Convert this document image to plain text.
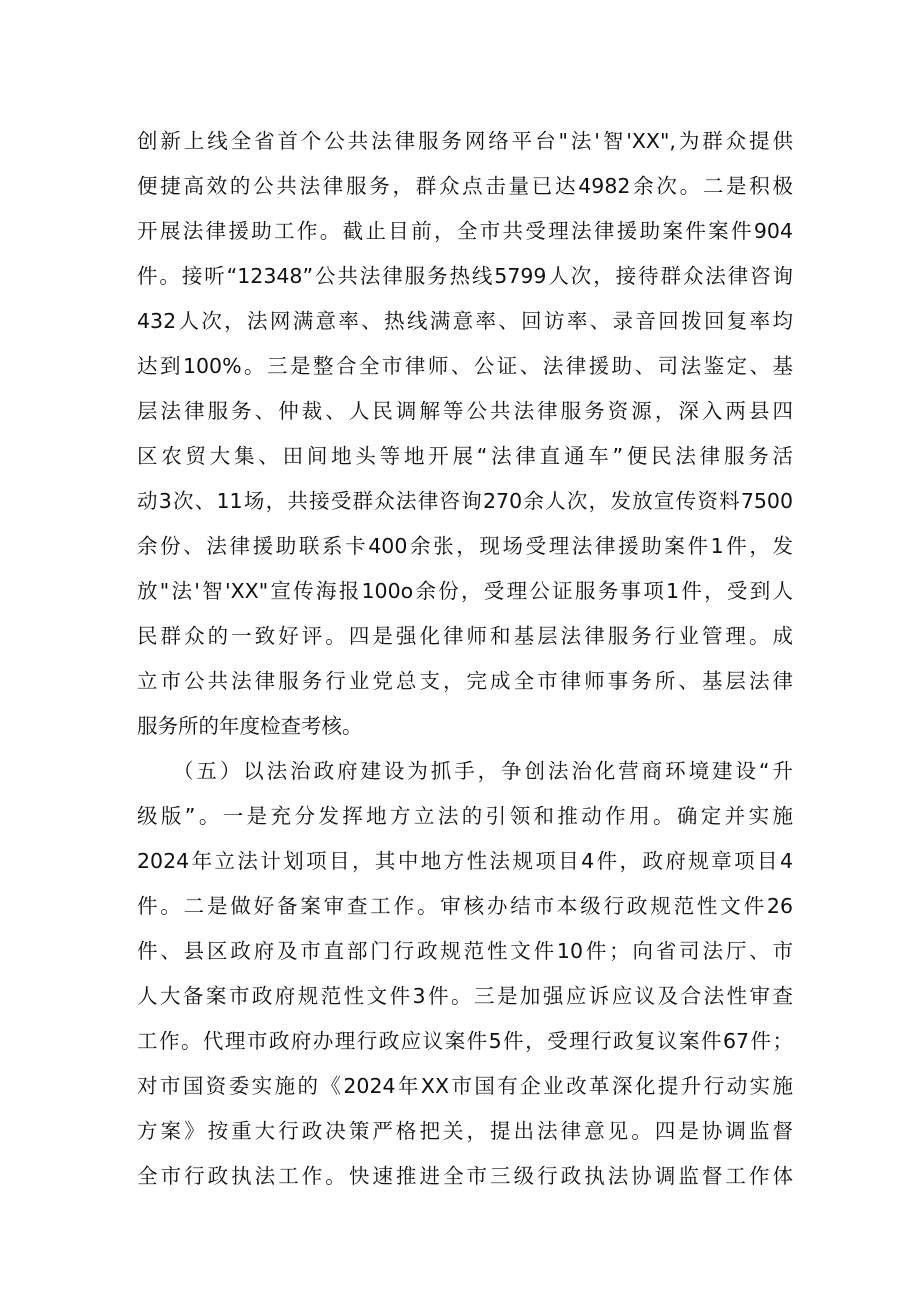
创新上线全省首个公共法律服务网络平台"法'智'XX",为群众提供
便捷高效的公共法律服务，群众点击量已达4982余次。二是积极
开展法律援助工作。截止目前，全市共受理法律援助案件案件904
件。接听“12348”公共法律服务热线5799人次，接待群众法律咨询
432人次，法网满意率、热线满意率、回访率、录音回拨回复率均
达到100%。三是整合全市律师、公证、法律援助、司法鉴定、基
层法律服务、仲裁、人民调解等公共法律服务资源，深入两县四
区农贸大集、田间地头等地开展“法律直通车”便民法律服务活
动3次、11场，共接受群众法律咨询270余人次，发放宣传资料7500
余份、法律援助联系卡400余张，现场受理法律援助案件1件，发
放"法'智'XX"宣传海报100o余份，受理公证服务事项1件，受到人
民群众的一致好评。四是强化律师和基层法律服务行业管理。成
立市公共法律服务行业党总支，完成全市律师事务所、基层法律
服务所的年度检查考核。
（五）以法治政府建设为抓手，争创法治化营商环境建设“升
级版”。一是充分发挥地方立法的引领和推动作用。确定并实施
2024年立法计划项目，其中地方性法规项目4件，政府规章项目4
件。二是做好备案审查工作。审核办结市本级行政规范性文件26
件、县区政府及市直部门行政规范性文件10件；向省司法厅、市
人大备案市政府规范性文件3件。三是加强应诉应议及合法性审查
工作。代理市政府办理行政应议案件5件，受理行政复议案件67件；
对市国资委实施的《2024年XX市国有企业改革深化提升行动实施
方案》按重大行政决策严格把关，提出法律意见。四是协调监督
全市行政执法工作。快速推进全市三级行政执法协调监督工作体
